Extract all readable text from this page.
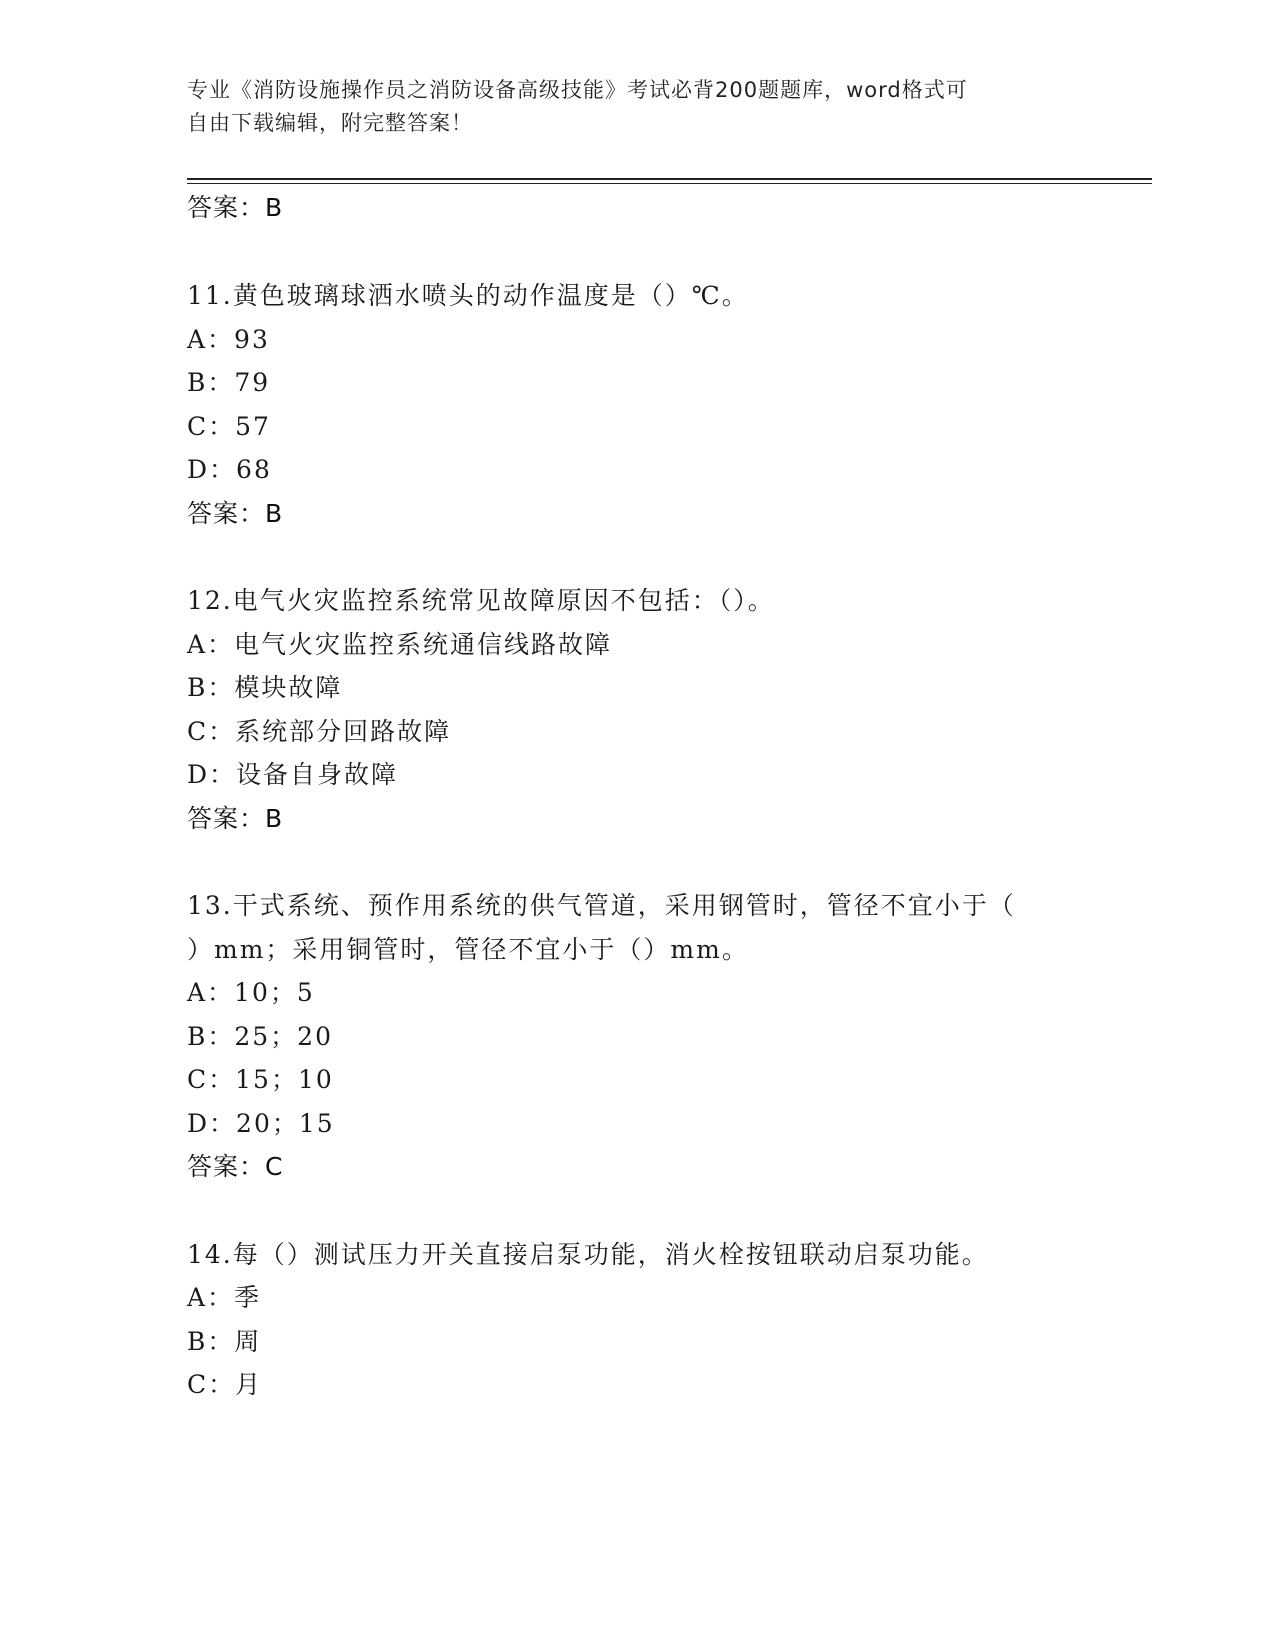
专业《消防设施操作员之消防设备高级技能》考试必背200题题库，word格式可
自由下载编辑，附完整答案！
答案：B
11.黄色玻璃球洒水喷头的动作温度是（）℃。
A：93
B：79
C：57
D：68
答案：B
12.电气火灾监控系统常见故障原因不包括：（）。
A：电气火灾监控系统通信线路故障
B：模块故障
C：系统部分回路故障
D：设备自身故障
答案：B
13.干式系统、预作用系统的供气管道，采用钢管时，管径不宜小于（
）mm；采用铜管时，管径不宜小于（）mm。
A：10；5
B：25；20
C：15；10
D：20；15
答案：C
14.每（）测试压力开关直接启泵功能，消火栓按钮联动启泵功能。
A：季
B：周
C：月
